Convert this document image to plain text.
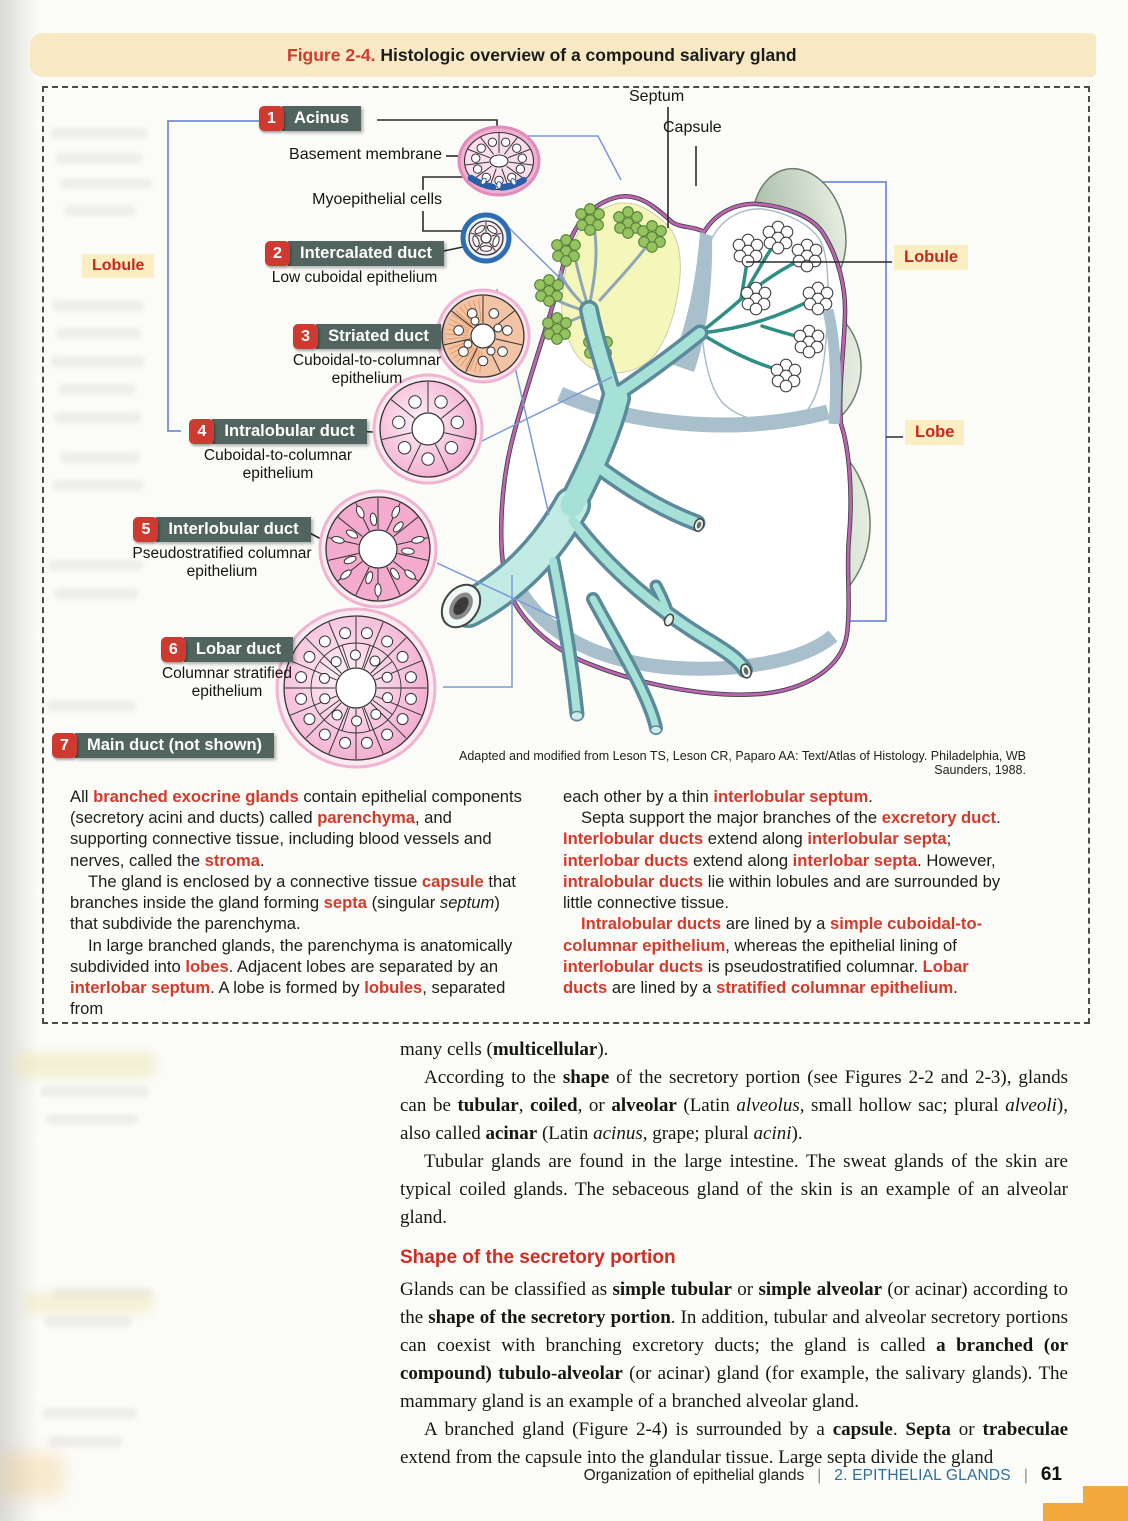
Figure 2-4. Histologic overview of a compound salivary gland
1	Acinus
2	Intercalated duct
Low cuboidal epithelium
3	Striated duct
Cuboidal-to-columnar epithelium
4	Intralobular duct
Cuboidal-to-columnar epithelium
5	Interlobular duct
Pseudostratified columnar epithelium
6	Lobar duct
Columnar stratified epithelium
7	Main duct (not shown)
Basement membrane
Myoepithelial cells
Septum
Capsule
Lobule	Lobule
Lobe
Adapted and modified from Leson TS, Leson CR, Paparo AA: Text/Atlas of Histology. Philadelphia, WB Saunders, 1988.

All branched exocrine glands contain epithelial components (secretory acini and ducts) called parenchyma, and supporting connective tissue, including blood vessels and nerves, called the stroma.

The gland is enclosed by a connective tissue capsule that branches inside the gland forming septa (singular septum) that subdivide the parenchyma.

In large branched glands, the parenchyma is anatomically subdivided into lobes. Adjacent lobes are separated by an interlobar septum. A lobe is formed by lobules, separated from

each other by a thin interlobular septum.

Septa support the major branches of the excretory duct. Interlobular ducts extend along interlobular septa; interlobar ducts extend along interlobar septa. However, intralobular ducts lie within lobules and are surrounded by little connective tissue.

Intralobular ducts are lined by a simple cuboidal-to-columnar epithelium, whereas the epithelial lining of interlobular ducts is pseudostratified columnar. Lobar ducts are lined by a stratified columnar epithelium.

many cells (multicellular).

According to the shape of the secretory portion (see Figures 2-2 and 2-3), glands can be tubular, coiled, or alveolar (Latin alveolus, small hollow sac; plural alveoli), also called acinar (Latin acinus, grape; plural acini).

Tubular glands are found in the large intestine. The sweat glands of the skin are typical coiled glands. The sebaceous gland of the skin is an example of an alveolar gland.

Shape of the secretory portion

Glands can be classified as simple tubular or simple alveolar (or acinar) according to the shape of the secretory portion. In addition, tubular and alveolar secretory portions can coexist with branching excretory ducts; the gland is called a branched (or compound) tubulo-alveolar (or acinar) gland (for example, the salivary glands). The mammary gland is an example of a branched alveolar gland.

A branched gland (Figure 2-4) is surrounded by a capsule. Septa or trabeculae extend from the capsule into the glandular tissue. Large septa divide the gland

Organization of epithelial glands | 2. EPITHELIAL GLANDS | 61
